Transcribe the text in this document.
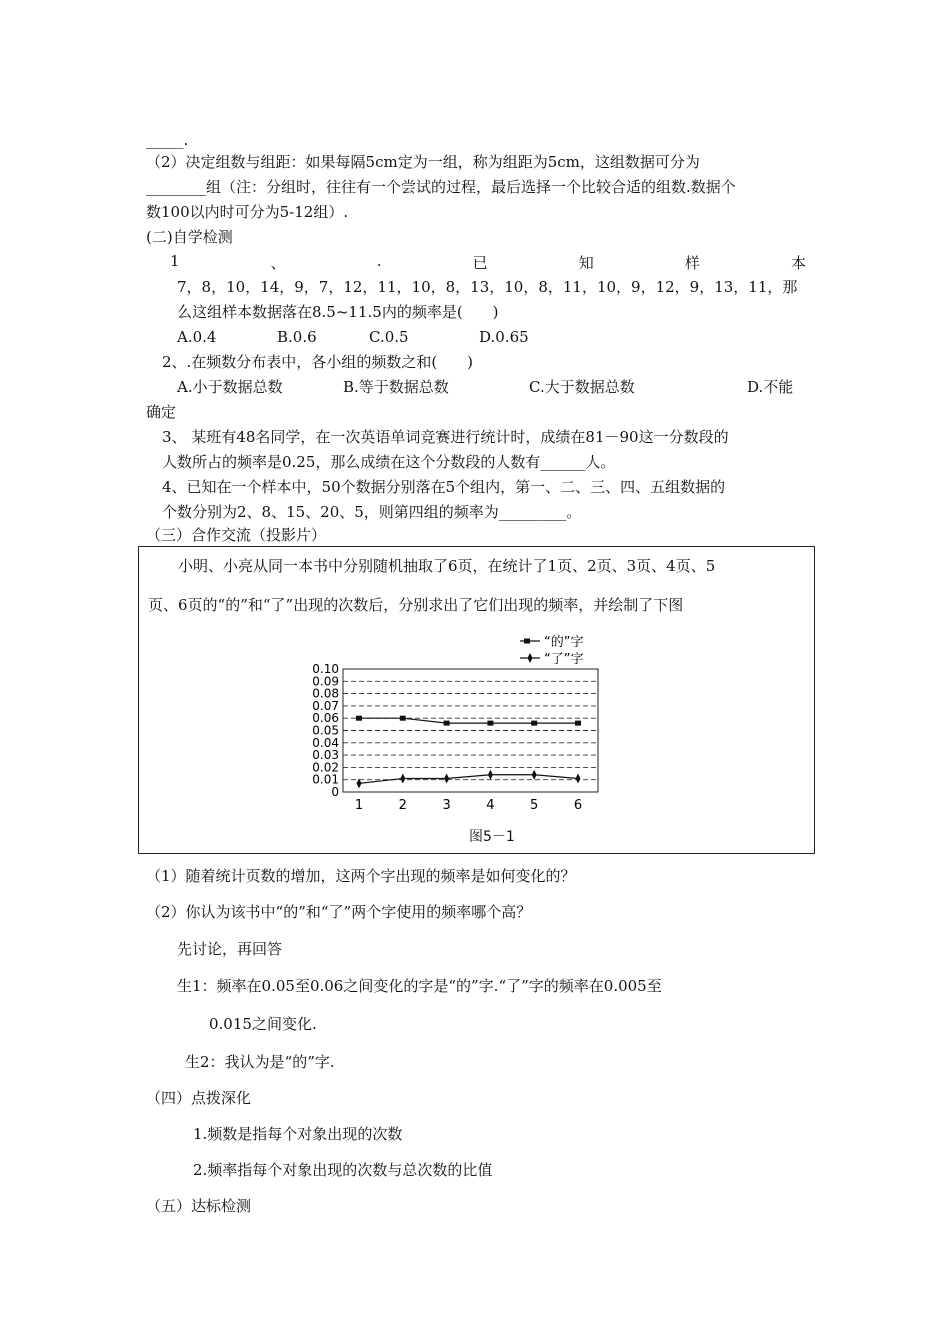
_____.
（2）决定组数与组距：如果每隔5cm定为一组，称为组距为5cm，这组数据可分为
________组（注：分组时，往往有一个尝试的过程，最后选择一个比较合适的组数.数据个
数100以内时可分为5-12组）.
(二)自学检测
1	、	.	已	知	样	本
7，8，10，14，9，7，12，11，10，8，13，10，8，11，10，9，12，9，13，11，那
么这组样本数据落在8.5~11.5内的频率是(　　)
A.0.4	B.0.6	C.0.5	D.0.65
2、.在频数分布表中，各小组的频数之和(　　)
A.小于数据总数	B.等于数据总数	C.大于数据总数	D.不能
确定
3、 某班有48名同学，在一次英语单词竞赛进行统计时，成绩在81－90这一分数段的
人数所占的频率是0.25，那么成绩在这个分数段的人数有______人。
4、已知在一个样本中，50个数据分别落在5个组内，第一、二、三、四、五组数据的
个数分别为2、8、15、20、5，则第四组的频率为_________。
（三）合作交流（投影片）
小明、小亮从同一本书中分别随机抽取了6页，在统计了1页、2页、3页、4页、5
页、6页的“的”和“了”出现的次数后，分别求出了它们出现的频率，并绘制了下图
“的”字
“了”字
0.10
0.09
0.08
0.07
0.06
0.05
0.04
0.03
0.02
0.01
0
1	2	3	4	5	6
图5－1
（1）随着统计页数的增加，这两个字出现的频率是如何变化的？
（2）你认为该书中“的”和“了”两个字使用的频率哪个高？
先讨论，再回答
生1：频率在0.05至0.06之间变化的字是“的”字.“了”字的频率在0.005至
0.015之间变化.
生2：我认为是“的”字.
（四）点拨深化
1.频数是指每个对象出现的次数
2.频率指每个对象出现的次数与总次数的比值
（五）达标检测
